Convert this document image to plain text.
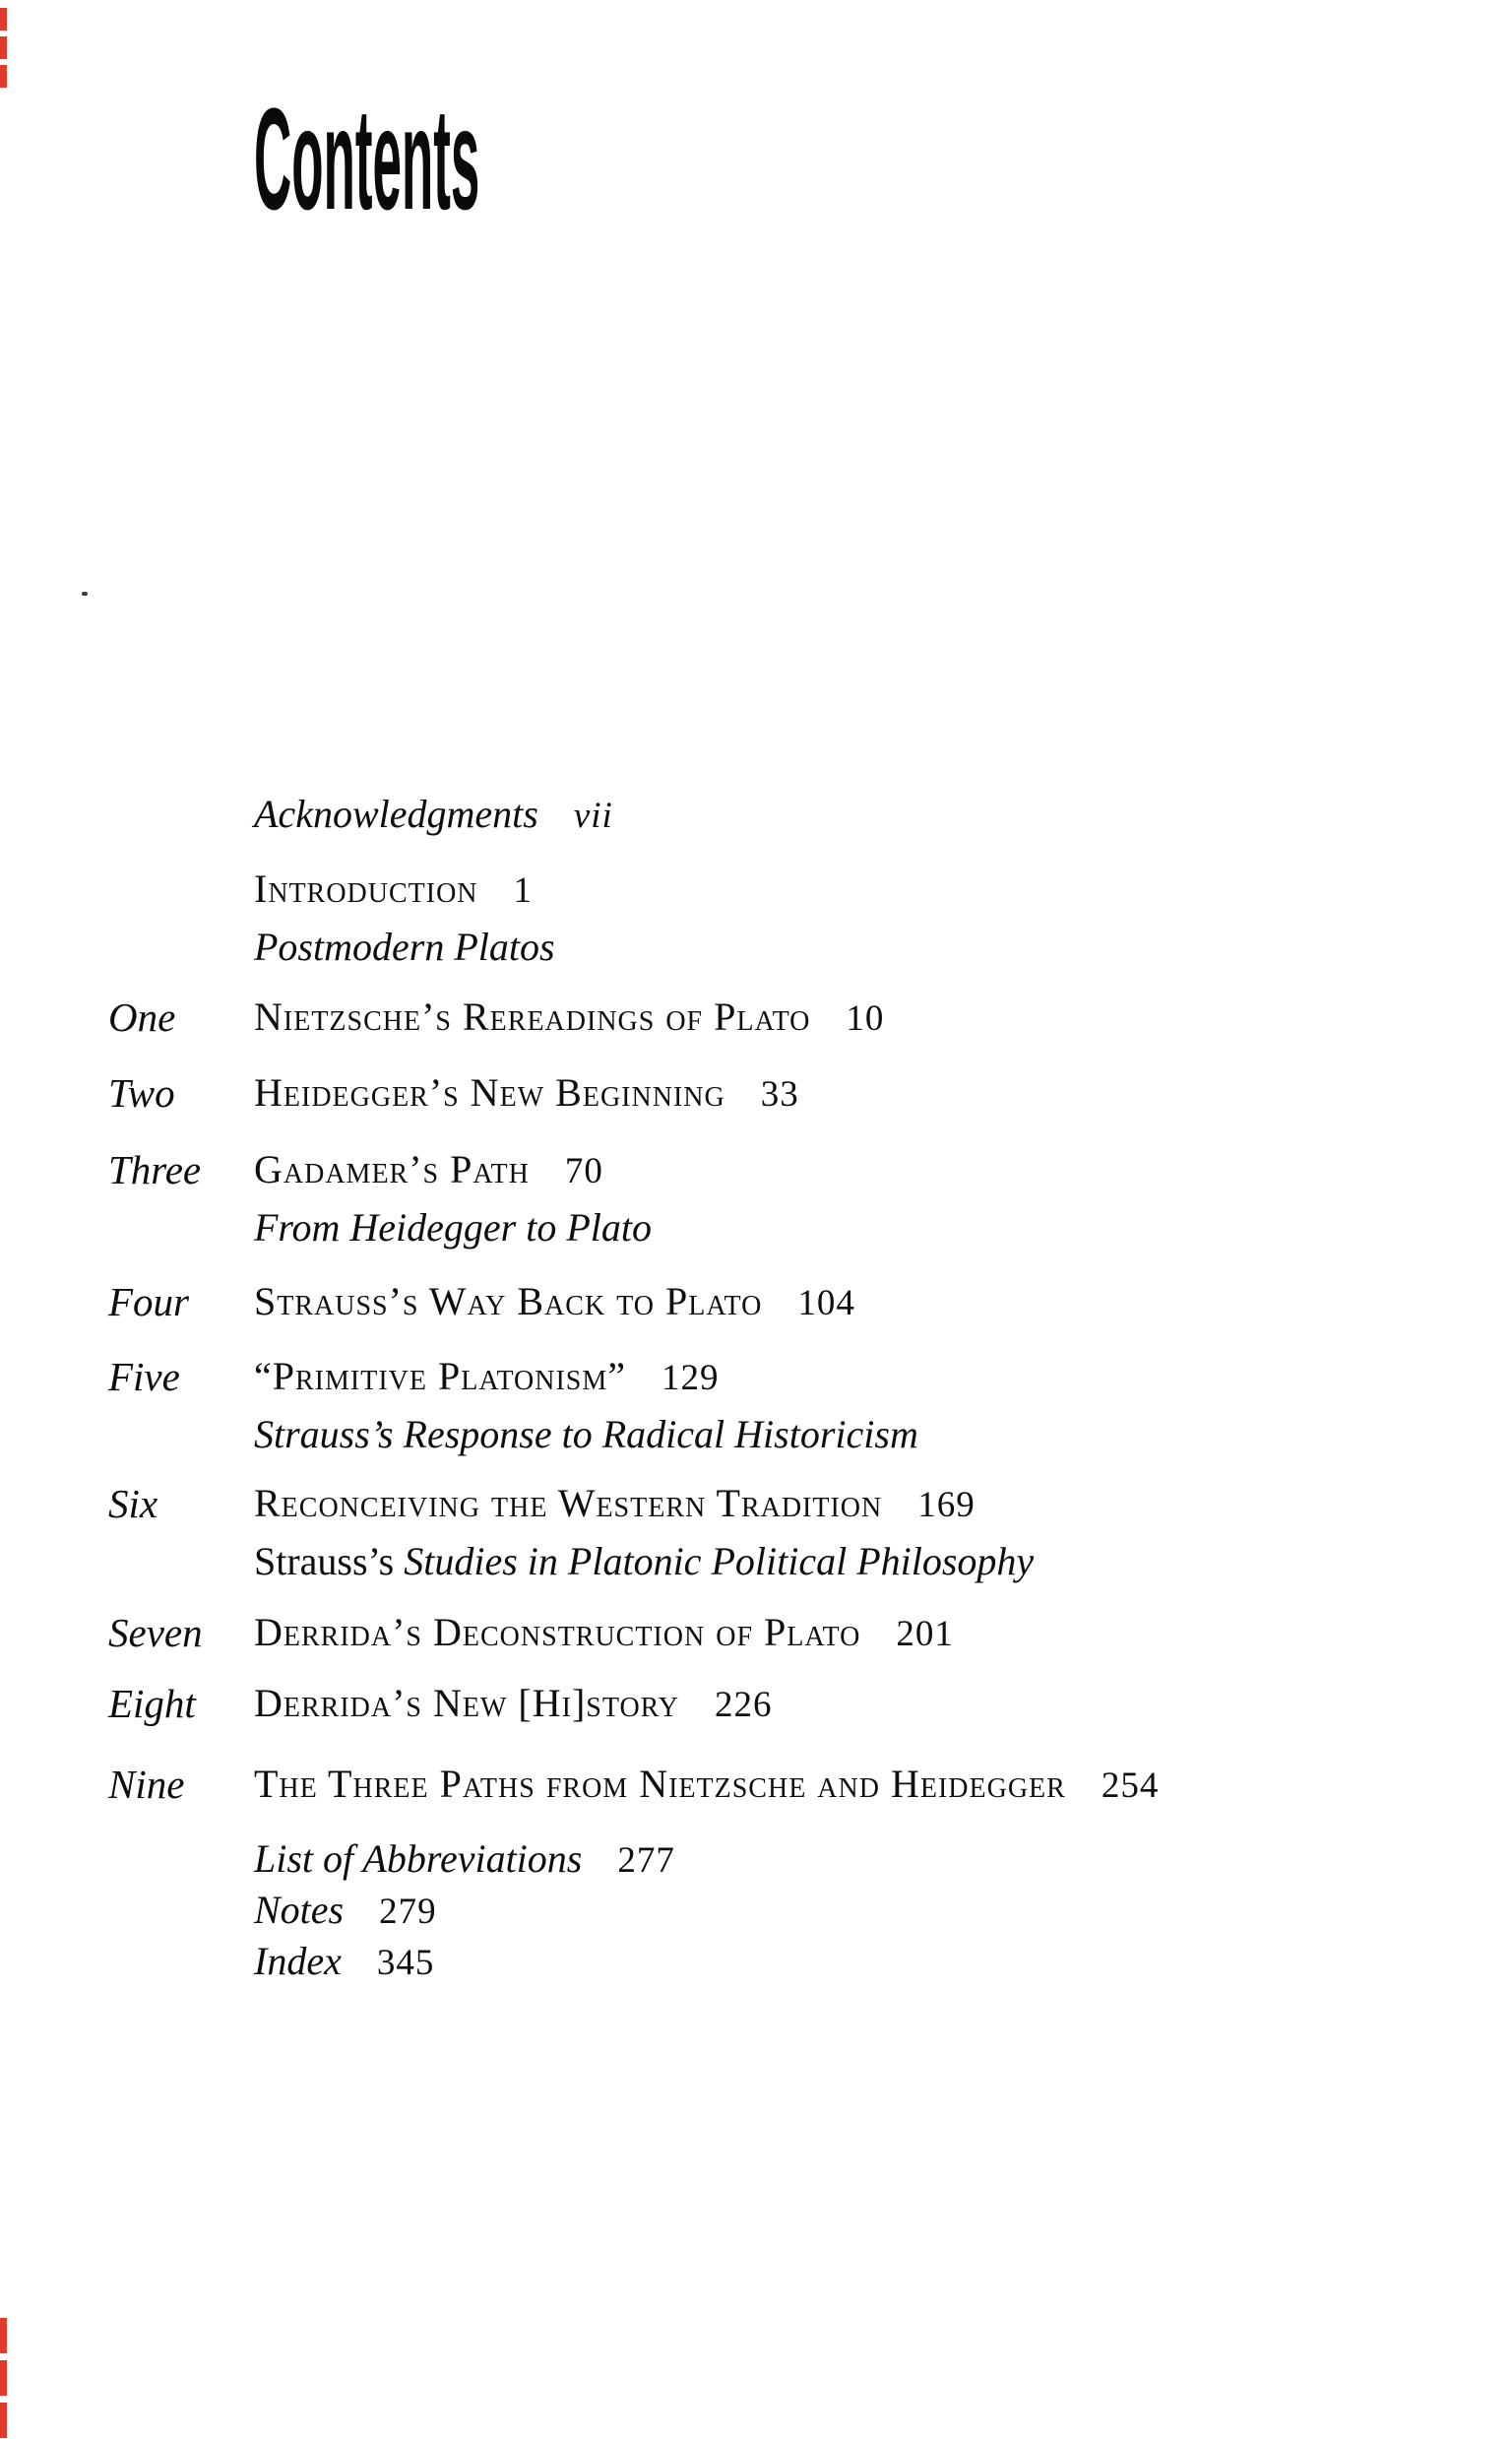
Contents
Acknowledgments vii
Introduction 1
Postmodern Platos
One Nietzsche’s Rereadings of Plato 10
Two Heidegger’s New Beginning 33
Three Gadamer’s Path 70
From Heidegger to Plato
Four Strauss’s Way Back to Plato 104
Five “Primitive Platonism” 129
Strauss’s Response to Radical Historicism
Six Reconceiving the Western Tradition 169
Strauss’s Studies in Platonic Political Philosophy
Seven Derrida’s Deconstruction of Plato 201
Eight Derrida’s New [Hi]story 226
Nine The Three Paths from Nietzsche and Heidegger 254
List of Abbreviations 277
Notes 279
Index 345
